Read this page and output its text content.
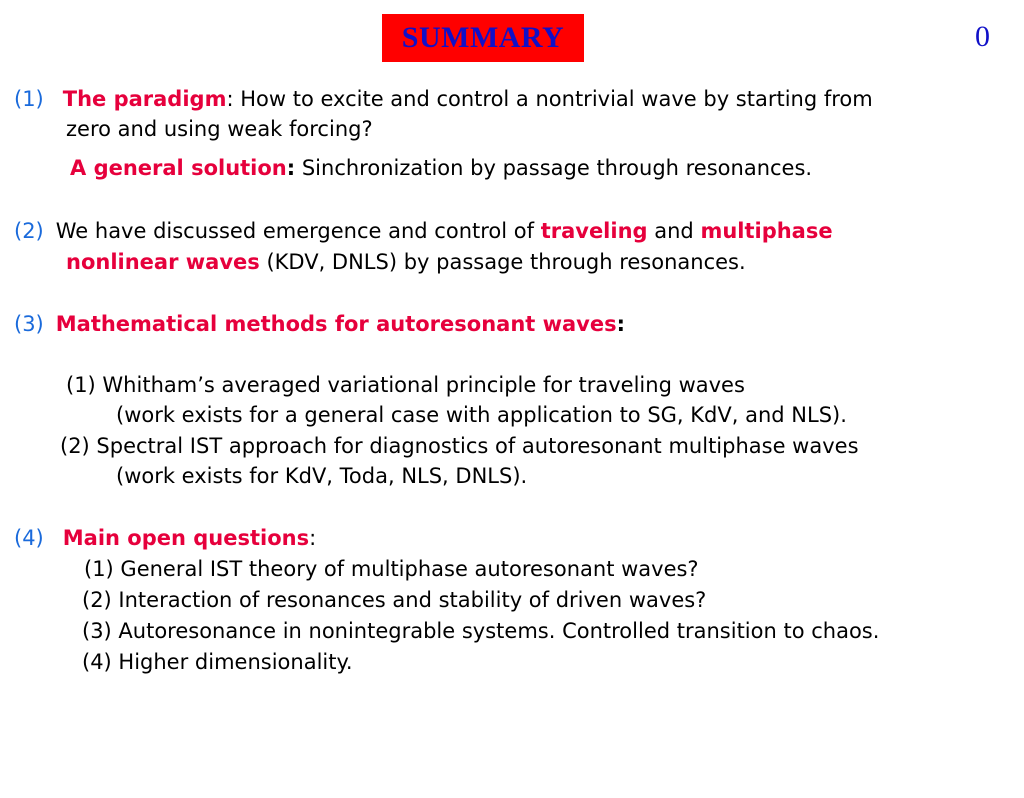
SUMMARY	0
(1) The paradigm: How to excite and control a nontrivial wave by starting from
zero and using weak forcing?
A general solution: Sinchronization by passage through resonances.
(2) We have discussed emergence and control of traveling and multiphase
nonlinear waves (KDV, DNLS) by passage through resonances.
(3) Mathematical methods for autoresonant waves:
(1) Whitham’s averaged variational principle for traveling waves
(work exists for a general case with application to SG, KdV, and NLS).
(2) Spectral IST approach for diagnostics of autoresonant multiphase waves
(work exists for KdV, Toda, NLS, DNLS).
(4) Main open questions:
(1) General IST theory of multiphase autoresonant waves?
(2) Interaction of resonances and stability of driven waves?
(3) Autoresonance in nonintegrable systems. Controlled transition to chaos.
(4) Higher dimensionality.
